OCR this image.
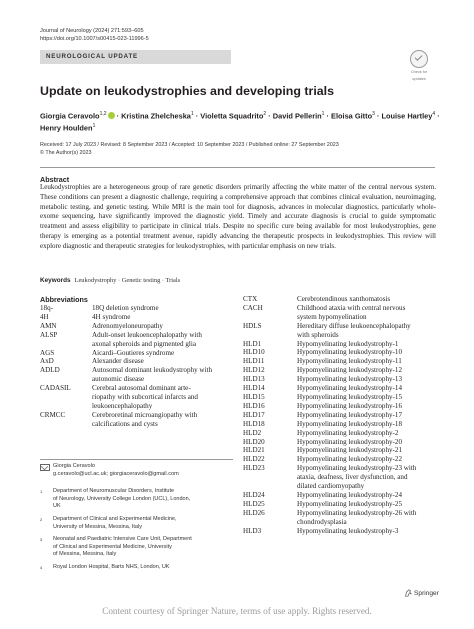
Journal of Neurology (2024) 271:593–605
https://doi.org/10.1007/s00415-023-11996-5
NEUROLOGICAL UPDATE
Check for
updates
Update on leukodystrophies and developing trials
Giorgia Ceravolo$^{1,2}$ · Kristina Zhelcheska$^1$ · Violetta Squadrito$^2$ · David Pellerin$^1$ · Eloisa Gitto$^3$ · Louise Hartley$^4$ ·
Henry Houlden$^1$
Received: 17 July 2023 / Revised: 8 September 2023 / Accepted: 10 September 2023 / Published online: 27 September 2023
© The Author(s) 2023
Abstract
Leukodystrophies are a heterogeneous group of rare genetic disorders primarily affecting the white matter of the central nervous system. These conditions can present a diagnostic challenge, requiring a comprehensive approach that combines clinical evaluation, neuroimaging, metabolic testing, and genetic testing. While MRI is the main tool for diagnosis, advances in molecular diagnostics, particularly whole-exome sequencing, have significantly improved the diagnostic yield. Timely and accurate diagnosis is crucial to guide symptomatic treatment and assess eligibility to participate in clinical trials. Despite no specific cure being available for most leukodystrophies, gene therapy is emerging as a potential treatment avenue, rapidly advancing the therapeutic prospects in leukodystrophies. This review will explore diagnostic and therapeutic strategies for leukodystrophies, with particular emphasis on new trials.
Keywords Leukodystrophy · Genetic testing · Trials
Abbreviations
18q-	18Q deletion syndrome
4H	4H syndrome
AMN	Adrenomyeloneuropathy
ALSP	Adult-onset leukoencephalopathy with
axonal spheroids and pigmented glia
AGS	Aicardi–Goutieres syndrome
AxD	Alexander disease
ADLD	Autosomal dominant leukodystrophy with
autonomic disease
CADASIL	Cerebral autosomal dominant arte-
riopathy with subcortical infarcts and
leukoencephalopathy
CRMCC	Cerebroretinal microangiopathy with
calcifications and cysts
CTX	Cerebrotendinous xanthomatosis
CACH	Childhood ataxia with central nervous
system hypomyelination
HDLS	Hereditary diffuse leukoencephalopathy
with spheroids
HLD1	Hypomyelinating leukodystrophy-1
HLD10	Hypomyelinating leukodystrophy-10
HLD11	Hypomyelinating leukodystrophy-11
HLD12	Hypomyelinating leukodystrophy-12
HLD13	Hypomyelinating leukodystrophy-13
HLD14	Hypomyelinating leukodystrophy-14
HLD15	Hypomyelinating leukodystrophy-15
HLD16	Hypomyelinating leukodystrophy-16
HLD17	Hypomyelinating leukodystrophy-17
HLD18	Hypomyelinating leukodystrophy-18
HLD2	Hypomyelinating leukodystrophy-2
HLD20	Hypomyelinating leukodystrophy-20
HLD21	Hypomyelinating leukodystrophy-21
HLD22	Hypomyelinating leukodystrophy-22
HLD23	Hypomyelinating leukodystrophy-23 with
ataxia, deafness, liver dysfunction, and
dilated cardiomyopathy
HLD24	Hypomyelinating leukodystrophy-24
HLD25	Hypomyelinating leukodystrophy-25
HLD26	Hypomyelinating leukodystrophy-26 with
chondrodysplasia
HLD3	Hypomyelinating leukodystrophy-3
Giorgia Ceravolo
g.ceravolo@ucl.ac.uk; giorgiaceravolo@gmail.com
1 Department of Neuromuscular Disorders, Institute
of Neurology, University College London (UCL), London,
UK
2 Department of Clinical and Experimental Medicine,
University of Messina, Messina, Italy
3 Neonatal and Paediatric Intensive Care Unit, Department
of Clinical and Experimental Medicine, University
of Messina, Messina, Italy
4 Royal London Hospital, Barts NHS, London, UK
Springer
Content courtesy of Springer Nature, terms of use apply. Rights reserved.
